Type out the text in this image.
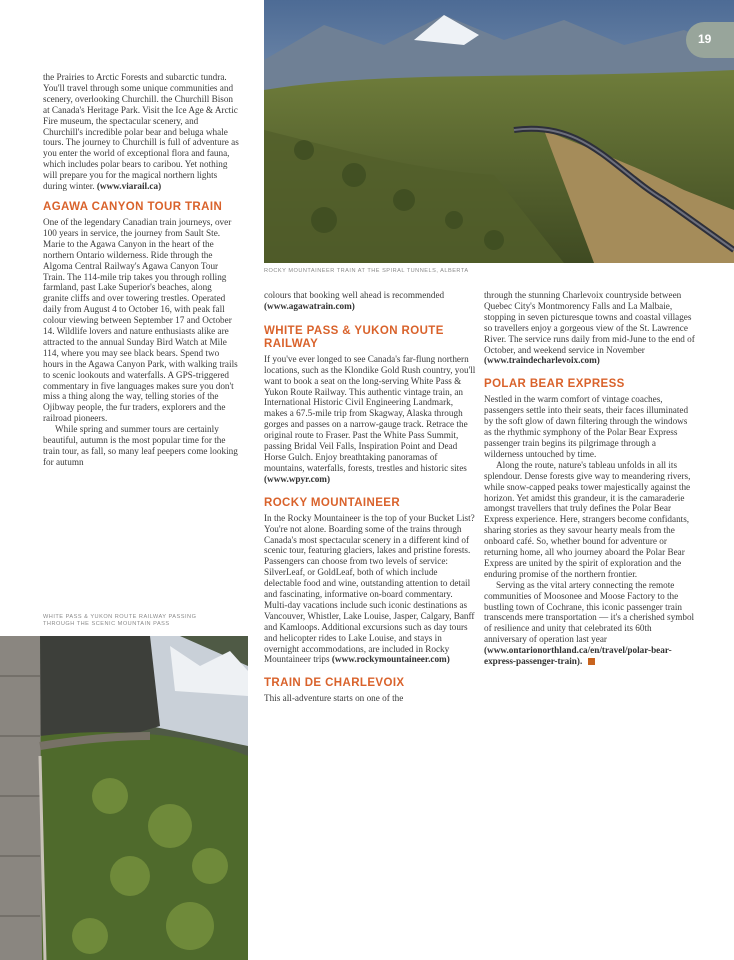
ROCKY MOUNTAINEER TRAIN AT THE SPIRAL TUNNELS, ALBERTA
19

the Prairies to Arctic Forests and subarctic tundra. You'll travel through some unique communities and scenery, overlooking Churchill. the Churchill Bison at Canada's Heritage Park. Visit the Ice Age & Arctic Fire museum, the spectacular scenery, and Churchill's incredible polar bear and beluga whale tours. The journey to Churchill is full of adventure as you enter the world of exceptional flora and fauna, which includes polar bears to caribou. Yet nothing will prepare you for the magical northern lights during winter. (www.viarail.ca)

AGAWA CANYON TOUR TRAIN

One of the legendary Canadian train journeys, over 100 years in service, the journey from Sault Ste. Marie to the Agawa Canyon in the heart of the northern Ontario wilderness. Ride through the Algoma Central Railway's Agawa Canyon Tour Train. The 114-mile trip takes you through rolling farmland, past Lake Superior's beaches, along granite cliffs and over towering trestles. Operated daily from August 4 to October 16, with peak fall colour viewing between September 17 and October 14. Wildlife lovers and nature enthusiasts alike are attracted to the annual Sunday Bird Watch at Mile 114, where you may see black bears. Spend two hours in the Agawa Canyon Park, with walking trails to scenic lookouts and waterfalls. A GPS-triggered commentary in five languages makes sure you don't miss a thing along the way, telling stories of the Ojibway people, the fur traders, explorers and the railroad pioneers.

While spring and summer tours are certainly beautiful, autumn is the most popular time for the train tour, as fall, so many leaf peepers come looking for autumn

WHITE PASS & YUKON ROUTE RAILWAY PASSING THROUGH THE SCENIC MOUNTAIN PASS

colours that booking well ahead is recommended (www.agawatrain.com)

WHITE PASS & YUKON ROUTE RAILWAY

If you've ever longed to see Canada's far-flung northern locations, such as the Klondike Gold Rush country, you'll want to book a seat on the long-serving White Pass & Yukon Route Railway. This authentic vintage train, an International Historic Civil Engineering Landmark, makes a 67.5-mile trip from Skagway, Alaska through gorges and passes on a narrow-gauge track. Retrace the original route to Fraser. Past the White Pass Summit, passing Bridal Veil Falls, Inspiration Point and Dead Horse Gulch. Enjoy breathtaking panoramas of mountains, waterfalls, forests, trestles and historic sites (www.wpyr.com)

ROCKY MOUNTAINEER

In the Rocky Mountaineer is the top of your Bucket List? You're not alone. Boarding some of the trains through Canada's most spectacular scenery in a different kind of scenic tour, featuring glaciers, lakes and pristine forests. Passengers can choose from two levels of service: SilverLeaf, or GoldLeaf, both of which include delectable food and wine, outstanding attention to detail and fascinating, informative on-board commentary. Multi-day vacations include such iconic destinations as Vancouver, Whistler, Lake Louise, Jasper, Calgary, Banff and Kamloops. Additional excursions such as day tours and helicopter rides to Lake Louise, and stays in overnight accommodations, are included in Rocky Mountaineer trips (www.rockymountaineer.com)

TRAIN DE CHARLEVOIX

This all-adventure starts on one of the

through the stunning Charlevoix countryside between Quebec City's Montmorency Falls and La Malbaie, stopping in seven picturesque towns and coastal villages so travellers enjoy a gorgeous view of the St. Lawrence River. The service runs daily from mid-June to the end of October, and weekend service in November (www.traindecharlevoix.com)

POLAR BEAR EXPRESS

Nestled in the warm comfort of vintage coaches, passengers settle into their seats, their faces illuminated by the soft glow of dawn filtering through the windows as the rhythmic symphony of the Polar Bear Express passenger train begins its pilgrimage through a wilderness untouched by time.

Along the route, nature's tableau unfolds in all its splendour. Dense forests give way to meandering rivers, while snow-capped peaks tower majestically against the horizon. Yet amidst this grandeur, it is the camaraderie amongst travellers that truly defines the Polar Bear Express experience. Here, strangers become confidants, sharing stories as they savour hearty meals from the onboard café. So, whether bound for adventure or returning home, all who journey aboard the Polar Bear Express are united by the spirit of exploration and the enduring promise of the northern frontier.

Serving as the vital artery connecting the remote communities of Moosonee and Moose Factory to the bustling town of Cochrane, this iconic passenger train transcends mere transportation — it's a cherished symbol of resilience and unity that celebrated its 60th anniversary of operation last year (www.ontarionorthland.ca/en/travel/polar-bear-express-passenger-train).
